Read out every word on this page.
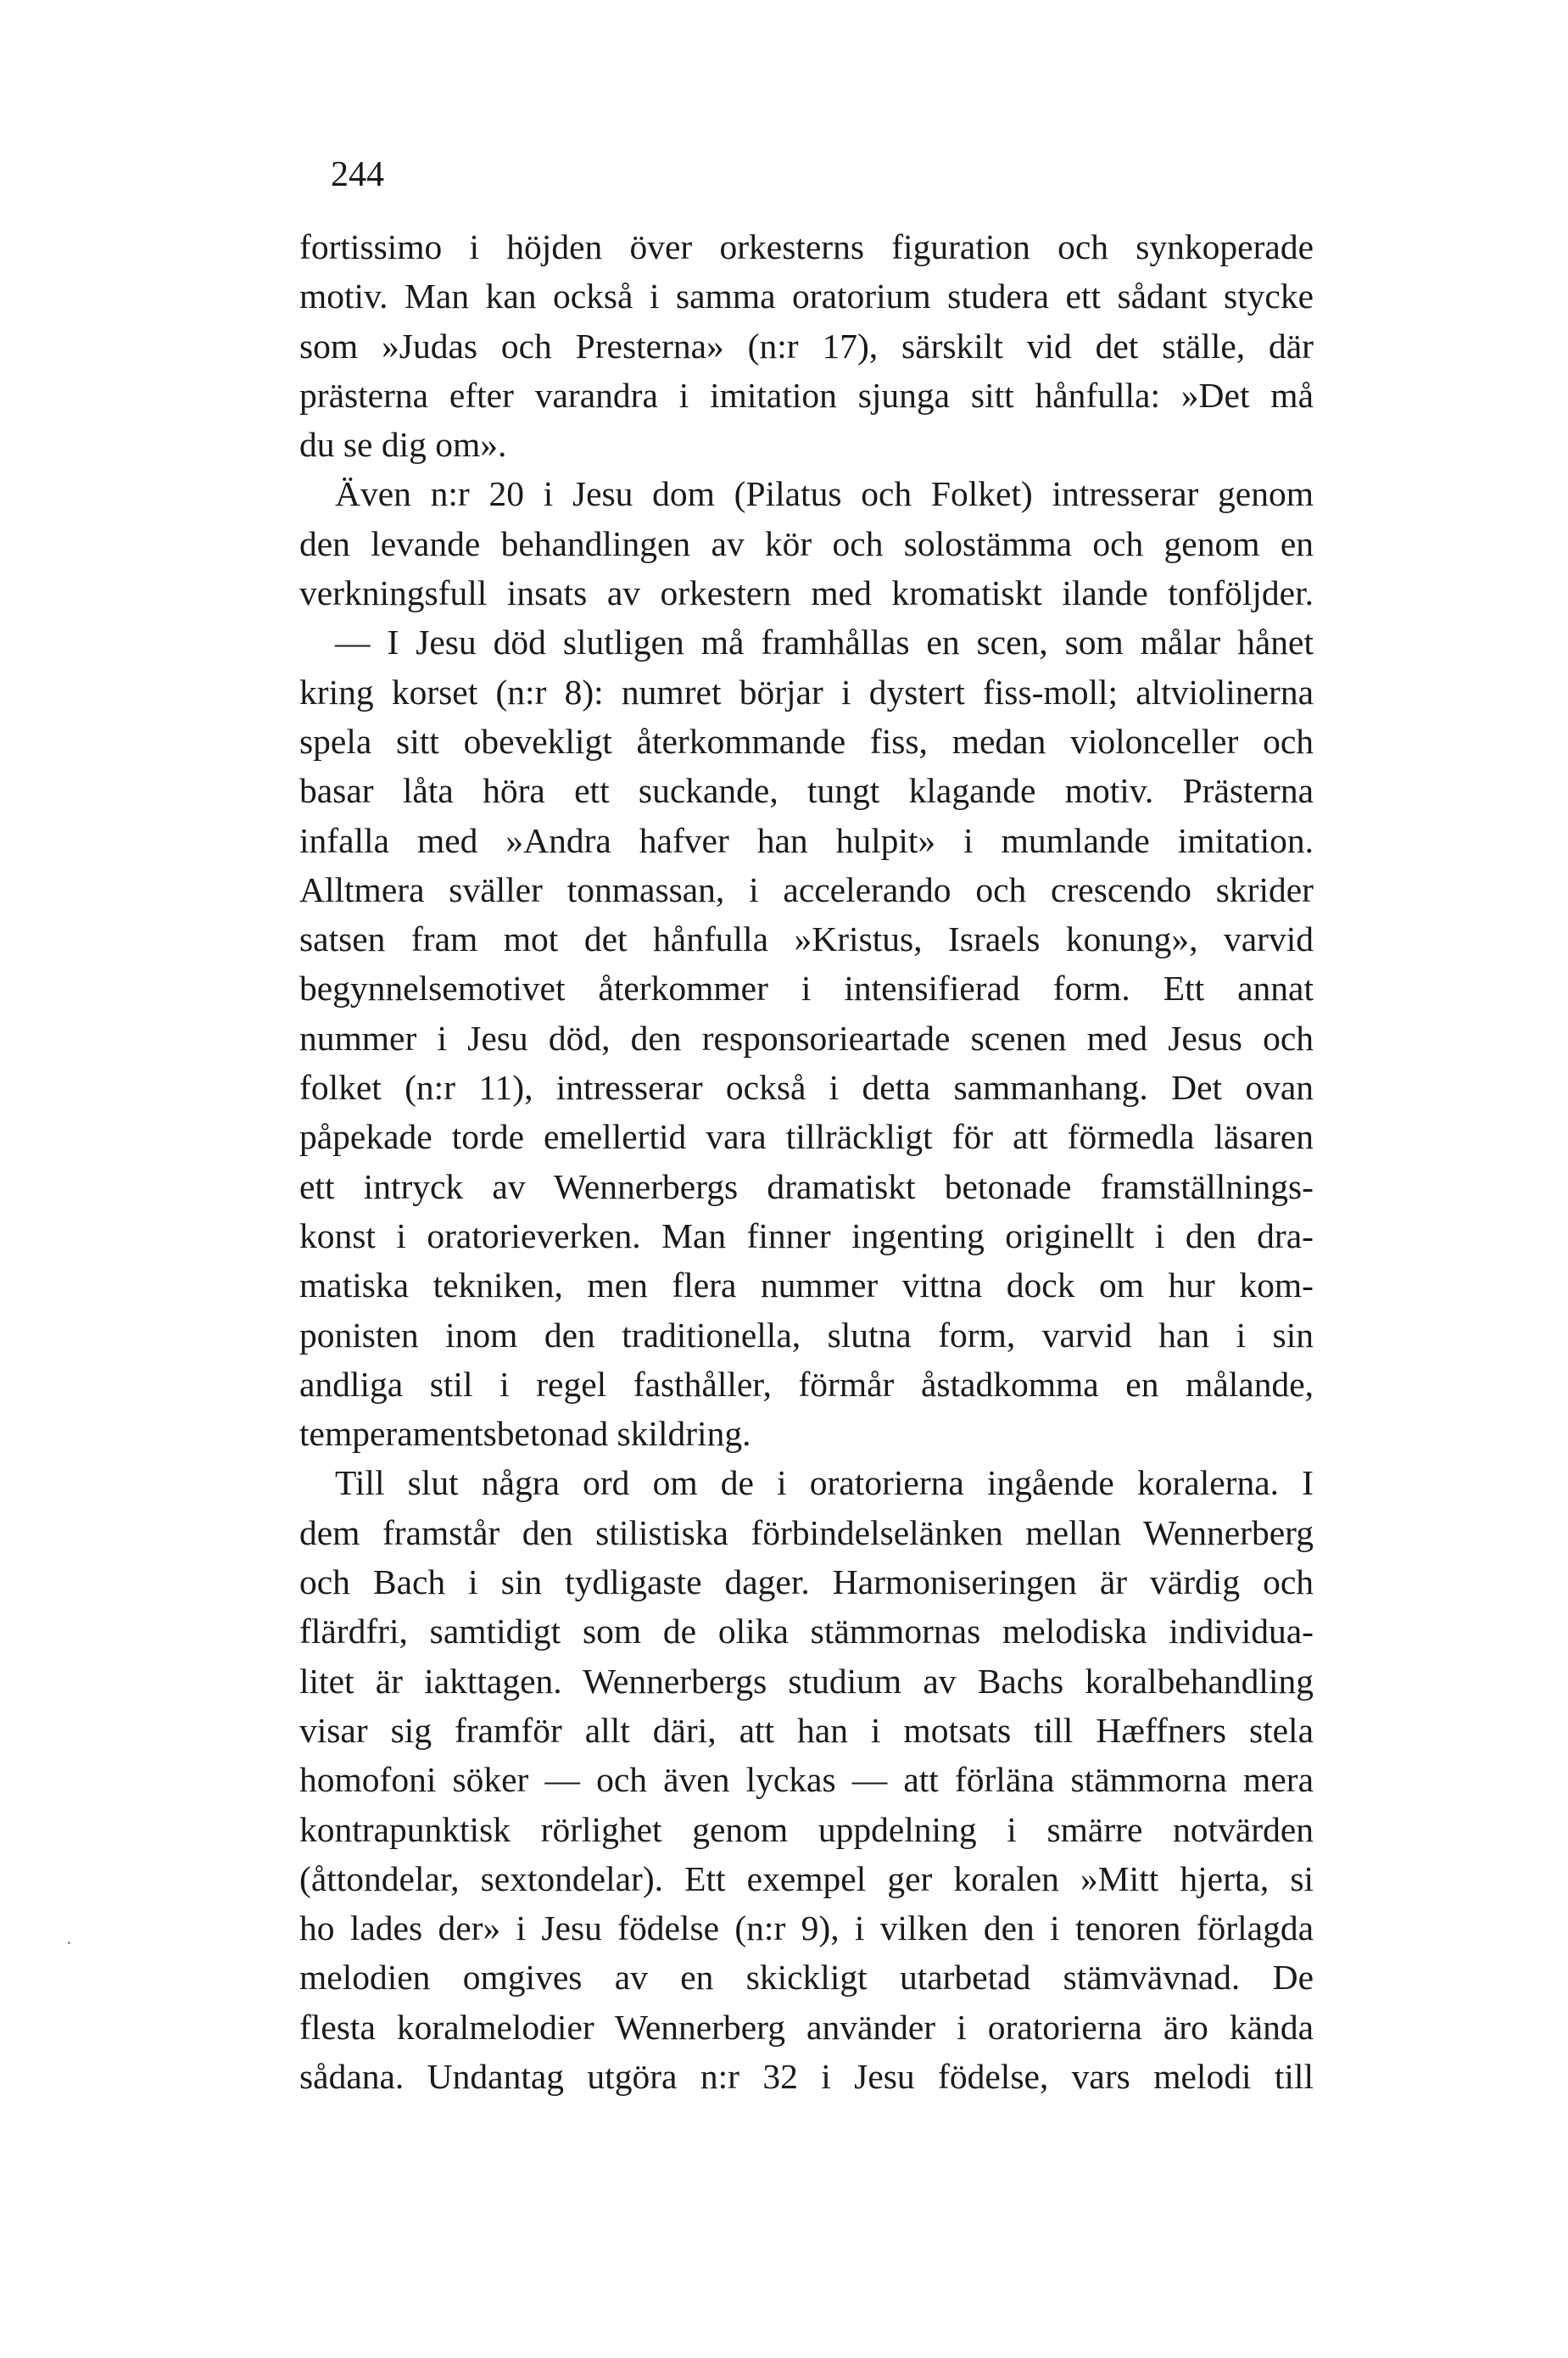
244
fortissimo i höjden över orkesterns figuration och synkoperade
motiv. Man kan också i samma oratorium studera ett sådant stycke
som »Judas och Presterna» (n:r 17), särskilt vid det ställe, där
prästerna efter varandra i imitation sjunga sitt hånfulla: »Det må
du se dig om».
Även n:r 20 i Jesu dom (Pilatus och Folket) intresserar genom
den levande behandlingen av kör och solostämma och genom en
verkningsfull insats av orkestern med kromatiskt ilande tonföljder.
— I Jesu död slutligen må framhållas en scen, som målar hånet
kring korset (n:r 8): numret börjar i dystert fiss-moll; altviolinerna
spela sitt obevekligt återkommande fiss, medan violonceller och
basar låta höra ett suckande, tungt klagande motiv. Prästerna
infalla med »Andra hafver han hulpit» i mumlande imitation.
Alltmera sväller tonmassan, i accelerando och crescendo skrider
satsen fram mot det hånfulla »Kristus, Israels konung», varvid
begynnelsemotivet återkommer i intensifierad form. Ett annat
nummer i Jesu död, den responsorieartade scenen med Jesus och
folket (n:r 11), intresserar också i detta sammanhang. Det ovan
påpekade torde emellertid vara tillräckligt för att förmedla läsaren
ett intryck av Wennerbergs dramatiskt betonade framställnings-
konst i oratorieverken. Man finner ingenting originellt i den dra-
matiska tekniken, men flera nummer vittna dock om hur kom-
ponisten inom den traditionella, slutna form, varvid han i sin
andliga stil i regel fasthåller, förmår åstadkomma en målande,
temperamentsbetonad skildring.
Till slut några ord om de i oratorierna ingående koralerna. I
dem framstår den stilistiska förbindelselänken mellan Wennerberg
och Bach i sin tydligaste dager. Harmoniseringen är värdig och
flärdfri, samtidigt som de olika stämmornas melodiska individua-
litet är iakttagen. Wennerbergs studium av Bachs koralbehandling
visar sig framför allt däri, att han i motsats till Hæffners stela
homofoni söker — och även lyckas — att förläna stämmorna mera
kontrapunktisk rörlighet genom uppdelning i smärre notvärden
(åttondelar, sextondelar). Ett exempel ger koralen »Mitt hjerta, si
ho lades der» i Jesu födelse (n:r 9), i vilken den i tenoren förlagda
melodien omgives av en skickligt utarbetad stämvävnad. De
flesta koralmelodier Wennerberg använder i oratorierna äro kända
sådana. Undantag utgöra n:r 32 i Jesu födelse, vars melodi till
